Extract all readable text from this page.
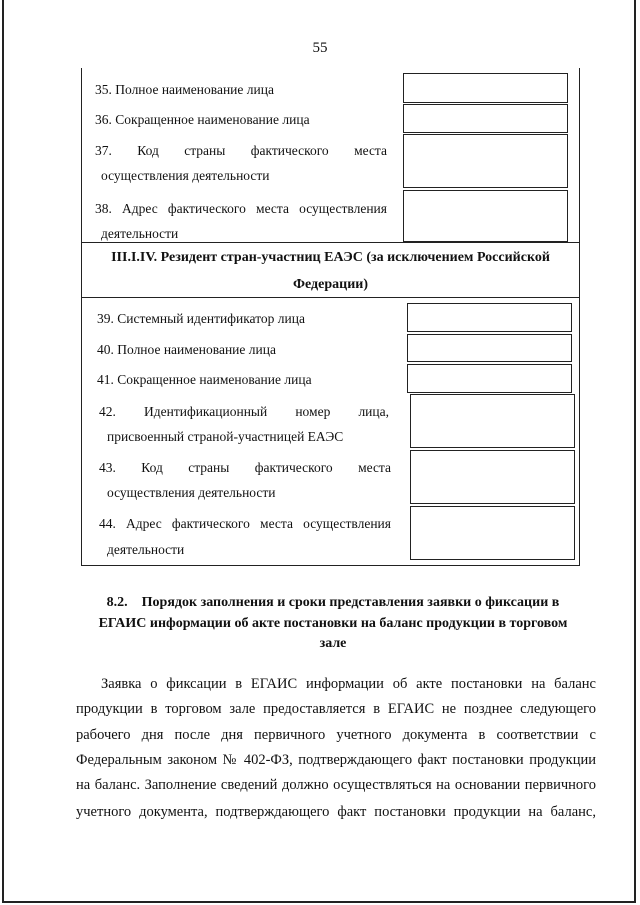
55
35. Полное наименование лица
36. Сокращенное наименование лица
37. Код страны фактического места
осуществления деятельности
38. Адрес фактического места осуществления
деятельности
III.I.IV. Резидент стран-участниц ЕАЭС (за исключением Российской
Федерации)
39. Системный идентификатор лица
40. Полное наименование лица
41. Сокращенное наименование лица
42. Идентификационный номер лица,
присвоенный страной-участницей ЕАЭС
43. Код страны фактического места
осуществления деятельности
44. Адрес фактического места осуществления
деятельности
8.2.    Порядок заполнения и сроки представления заявки о фиксации в
ЕГАИС информации об акте постановки на баланс продукции в торговом
зале
Заявка о фиксации в ЕГАИС информации об акте постановки на баланс
продукции в торговом зале предоставляется в ЕГАИС не позднее следующего
рабочего дня после дня первичного учетного документа в соответствии с
Федеральным законом № 402-ФЗ, подтверждающего факт постановки продукции
на баланс. Заполнение сведений должно осуществляться на основании первичного
учетного документа, подтверждающего факт постановки продукции на баланс,
